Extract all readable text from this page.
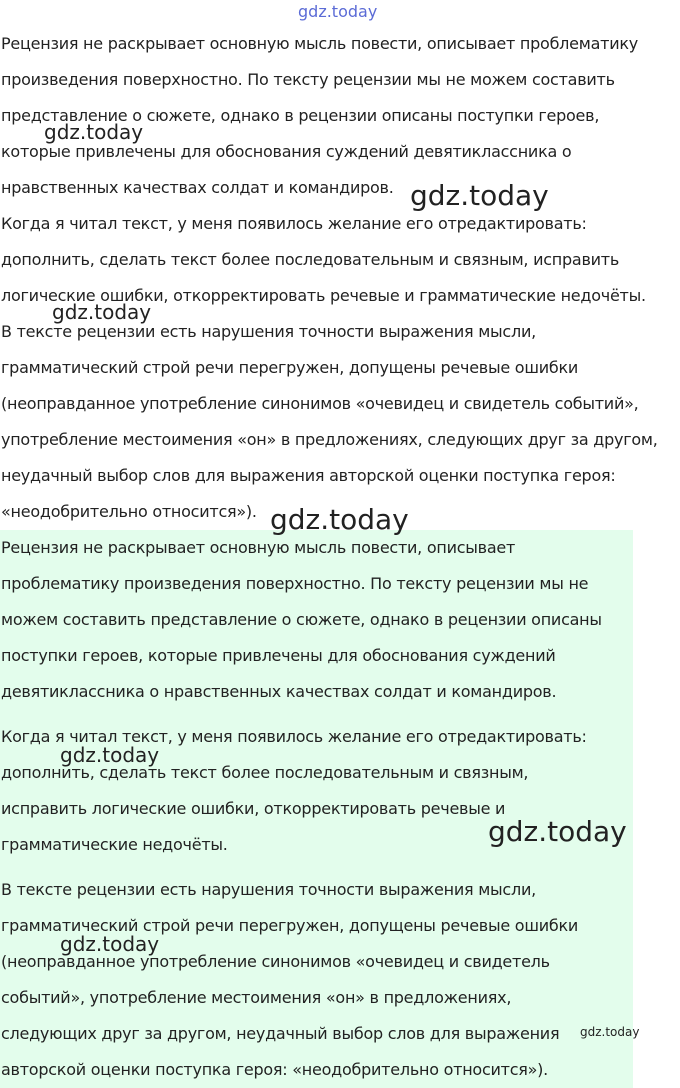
Рецензия не раскрывает основную мысль повести, описывает проблематику

произведения поверхностно. По тексту рецензии мы не можем составить

представление о сюжете, однако в рецензии описаны поступки героев,

которые привлечены для обоснования суждений девятиклассника о

нравственных качествах солдат и командиров.

Когда я читал текст, у меня появилось желание его отредактировать:

дополнить, сделать текст более последовательным и связным, исправить

логические ошибки, откорректировать речевые и грамматические недочёты.

В тексте рецензии есть нарушения точности выражения мысли,

грамматический строй речи перегружен, допущены речевые ошибки

(неоправданное употребление синонимов «очевидец и свидетель событий»,

употребление местоимения «он» в предложениях, следующих друг за другом,

неудачный выбор слов для выражения авторской оценки поступка героя:

«неодобрительно относится»).

Рецензия не раскрывает основную мысль повести, описывает

проблематику произведения поверхностно. По тексту рецензии мы не

можем составить представление о сюжете, однако в рецензии описаны

поступки героев, которые привлечены для обоснования суждений

девятиклассника о нравственных качествах солдат и командиров.

Когда я читал текст, у меня появилось желание его отредактировать:

дополнить, сделать текст более последовательным и связным,

исправить логические ошибки, откорректировать речевые и

грамматические недочёты.

В тексте рецензии есть нарушения точности выражения мысли,

грамматический строй речи перегружен, допущены речевые ошибки

(неоправданное употребление синонимов «очевидец и свидетель

событий», употребление местоимения «он» в предложениях,

следующих друг за другом, неудачный выбор слов для выражения

авторской оценки поступка героя: «неодобрительно относится»).

gdz.today
gdz.today
gdz.today
gdz.today
gdz.today
gdz.today
gdz.today
gdz.today
gdz.today
